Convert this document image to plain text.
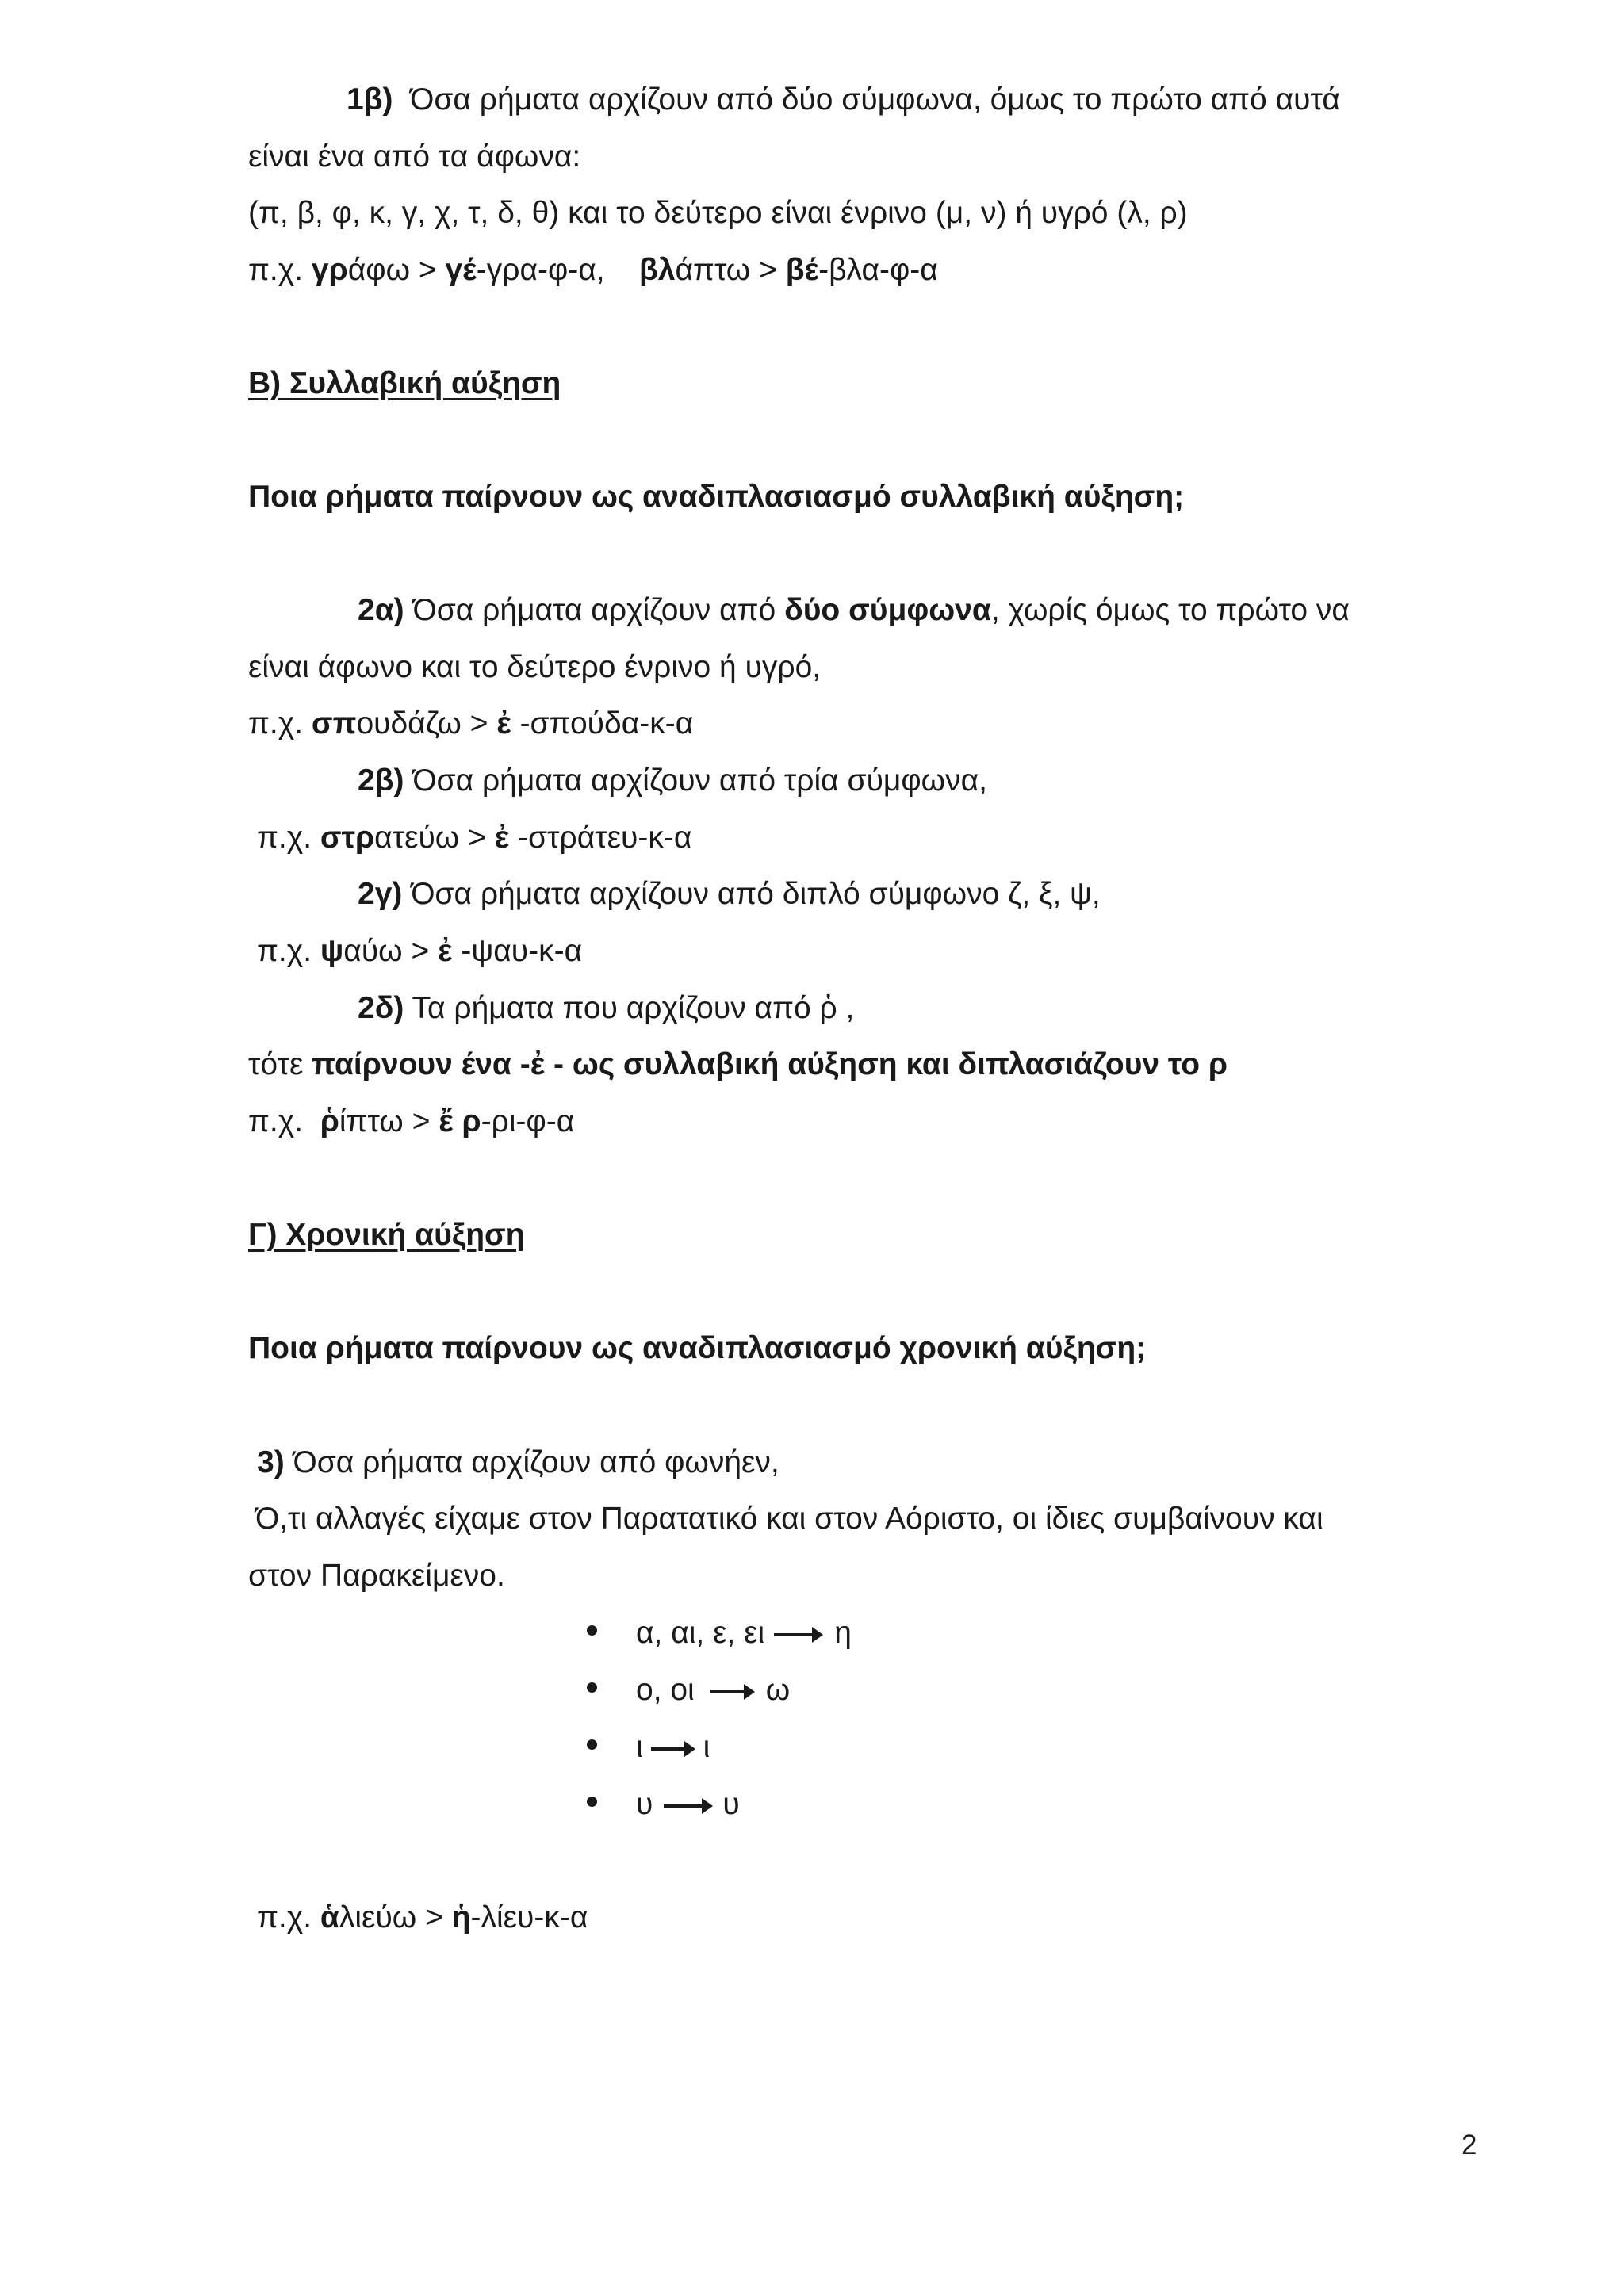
1β) Όσα ρήματα αρχίζουν από δύο σύμφωνα, όμως το πρώτο από αυτά
είναι ένα από τα άφωνα:
(π, β, φ, κ, γ, χ, τ, δ, θ) και το δεύτερο είναι ένρινο (μ, ν) ή υγρό (λ, ρ)
π.χ. γράφω > γέ-γρα-φ-α, βλάπτω > βέ-βλα-φ-α
Β) Συλλαβική αύξηση
Ποια ρήματα παίρνουν ως αναδιπλασιασμό συλλαβική αύξηση;
2α) Όσα ρήματα αρχίζουν από δύο σύμφωνα, χωρίς όμως το πρώτο να
είναι άφωνο και το δεύτερο ένρινο ή υγρό,
π.χ. σπουδάζω > ἐ -σπούδα-κ-α
2β) Όσα ρήματα αρχίζουν από τρία σύμφωνα,
π.χ. στρατεύω > ἐ -στράτευ-κ-α
2γ) Όσα ρήματα αρχίζουν από διπλό σύμφωνο ζ, ξ, ψ,
π.χ. ψαύω > ἐ -ψαυ-κ-α
2δ) Τα ρήματα που αρχίζουν από ῥ ,
τότε παίρνουν ένα -ἐ - ως συλλαβική αύξηση και διπλασιάζουν το ρ
π.χ. ῥίπτω > ἔ ρ-ρι-φ-α
Γ) Χρονική αύξηση
Ποια ρήματα παίρνουν ως αναδιπλασιασμό χρονική αύξηση;
3) Όσα ρήματα αρχίζουν από φωνήεν,
Ό,τι αλλαγές είχαμε στον Παρατατικό και στον Αόριστο, οι ίδιες συμβαίνουν και
στον Παρακείμενο.
α, αι, ε, ει η
ο, οι ω
ι ι
υ υ
π.χ. ἁλιεύω > ἡ-λίευ-κ-α
2
